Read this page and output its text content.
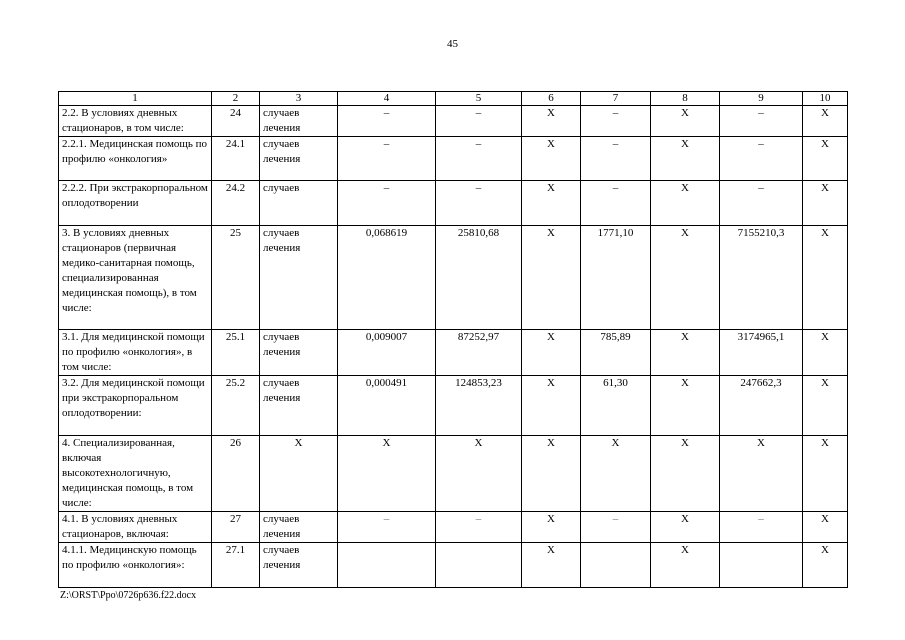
45
1	2	3	4	5	6	7	8	9	10
2.2. В условиях дневных стационаров, в том числе:	24	случаев лечения	–	–	Х	–	Х	–	Х
2.2.1. Медицинская помощь по профилю «онкология»	24.1	случаев лечения	–	–	Х	–	Х	–	Х
2.2.2. При экстракорпоральном оплодотворении	24.2	случаев	–	–	Х	–	Х	–	Х
3. В условиях дневных стационаров (первичная медико-санитарная помощь, специализированная медицинская помощь), в том числе:	25	случаев лечения	0,068619	25810,68	Х	1771,10	Х	7155210,3	Х
3.1. Для медицинской помощи по профилю «онкология», в том числе:	25.1	случаев лечения	0,009007	87252,97	Х	785,89	Х	3174965,1	Х
3.2. Для медицинской помощи при экстракорпоральном оплодотворении:	25.2	случаев лечения	0,000491	124853,23	Х	61,30	Х	247662,3	Х
4. Специализированная, включая высокотехнологичную, медицинская помощь, в том числе:	26	Х	Х	Х	Х	Х	Х	Х	Х
4.1. В условиях дневных стационаров, включая:	27	случаев лечения	–	–	Х	–	Х	–	Х
4.1.1. Медицинскую помощь по профилю «онкология»:	27.1	случаев лечения			Х		Х		Х
Z:\ORST\Ppo\0726p636.f22.docx
